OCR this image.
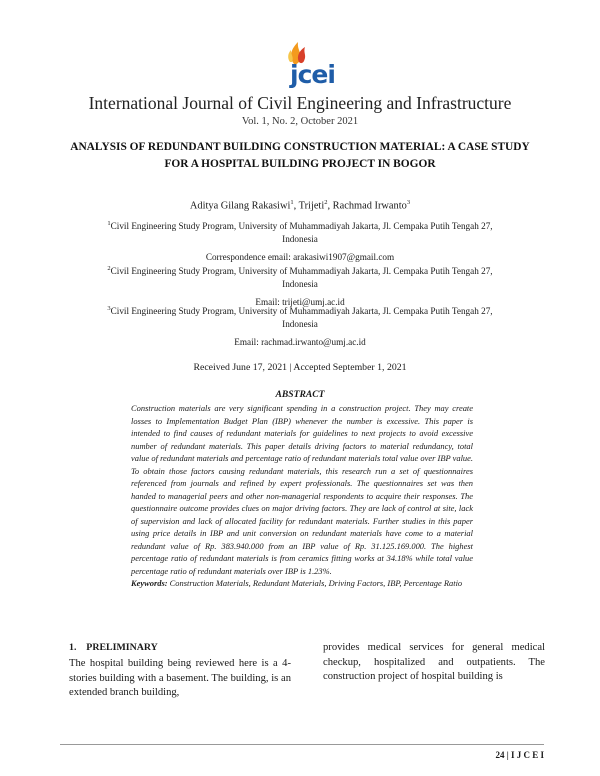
jcei
International Journal of Civil Engineering and Infrastructure
Vol. 1, No. 2, October 2021
ANALYSIS OF REDUNDANT BUILDING CONSTRUCTION MATERIAL: A CASE STUDY
FOR A HOSPITAL BUILDING PROJECT IN BOGOR
Aditya Gilang Rakasiwi$^1$, Trijeti$^2$, Rachmad Irwanto$^3$
$^1$Civil Engineering Study Program, University of Muhammadiyah Jakarta, Jl. Cempaka Putih Tengah 27,
Indonesia
Correspondence email: arakasiwi1907@gmail.com
$^2$Civil Engineering Study Program, University of Muhammadiyah Jakarta, Jl. Cempaka Putih Tengah 27,
Indonesia
Email: trijeti@umj.ac.id
$^3$Civil Engineering Study Program, University of Muhammadiyah Jakarta, Jl. Cempaka Putih Tengah 27,
Indonesia
Email: rachmad.irwanto@umj.ac.id
Received June 17, 2021 | Accepted September 1, 2021
ABSTRACT
Construction materials are very significant spending in a construction project. They may create losses to Implementation Budget Plan (IBP) whenever the number is excessive. This paper is intended to find causes of redundant materials for guidelines to next projects to avoid excessive number of redundant materials. This paper details driving factors to material redundancy, total value of redundant materials and percentage ratio of redundant materials total value over IBP value. To obtain those factors causing redundant materials, this research run a set of questionnaires referenced from journals and refined by expert professionals. The questionnaires set was then handed to managerial peers and other non-managerial respondents to acquire their responses. The questionnaire outcome provides clues on major driving factors. They are lack of control at site, lack of supervision and lack of allocated facility for redundant materials. Further studies in this paper using price details in IBP and unit conversion on redundant materials have come to a material redundant value of Rp. 383.940.000 from an IBP value of Rp. 31.125.169.000. The highest percentage ratio of redundant materials is from ceramics fitting works at 34.18% while total value percentage ratio of redundant materials over IBP is 1.23%.
Keywords: Construction Materials, Redundant Materials, Driving Factors, IBP, Percentage Ratio
1.    PRELIMINARY
The hospital building being reviewed here is a 4-stories building with a basement. The building, is an extended branch building,
provides medical services for general medical checkup, hospitalized and outpatients. The construction project of hospital building is
24 | I J C E I
